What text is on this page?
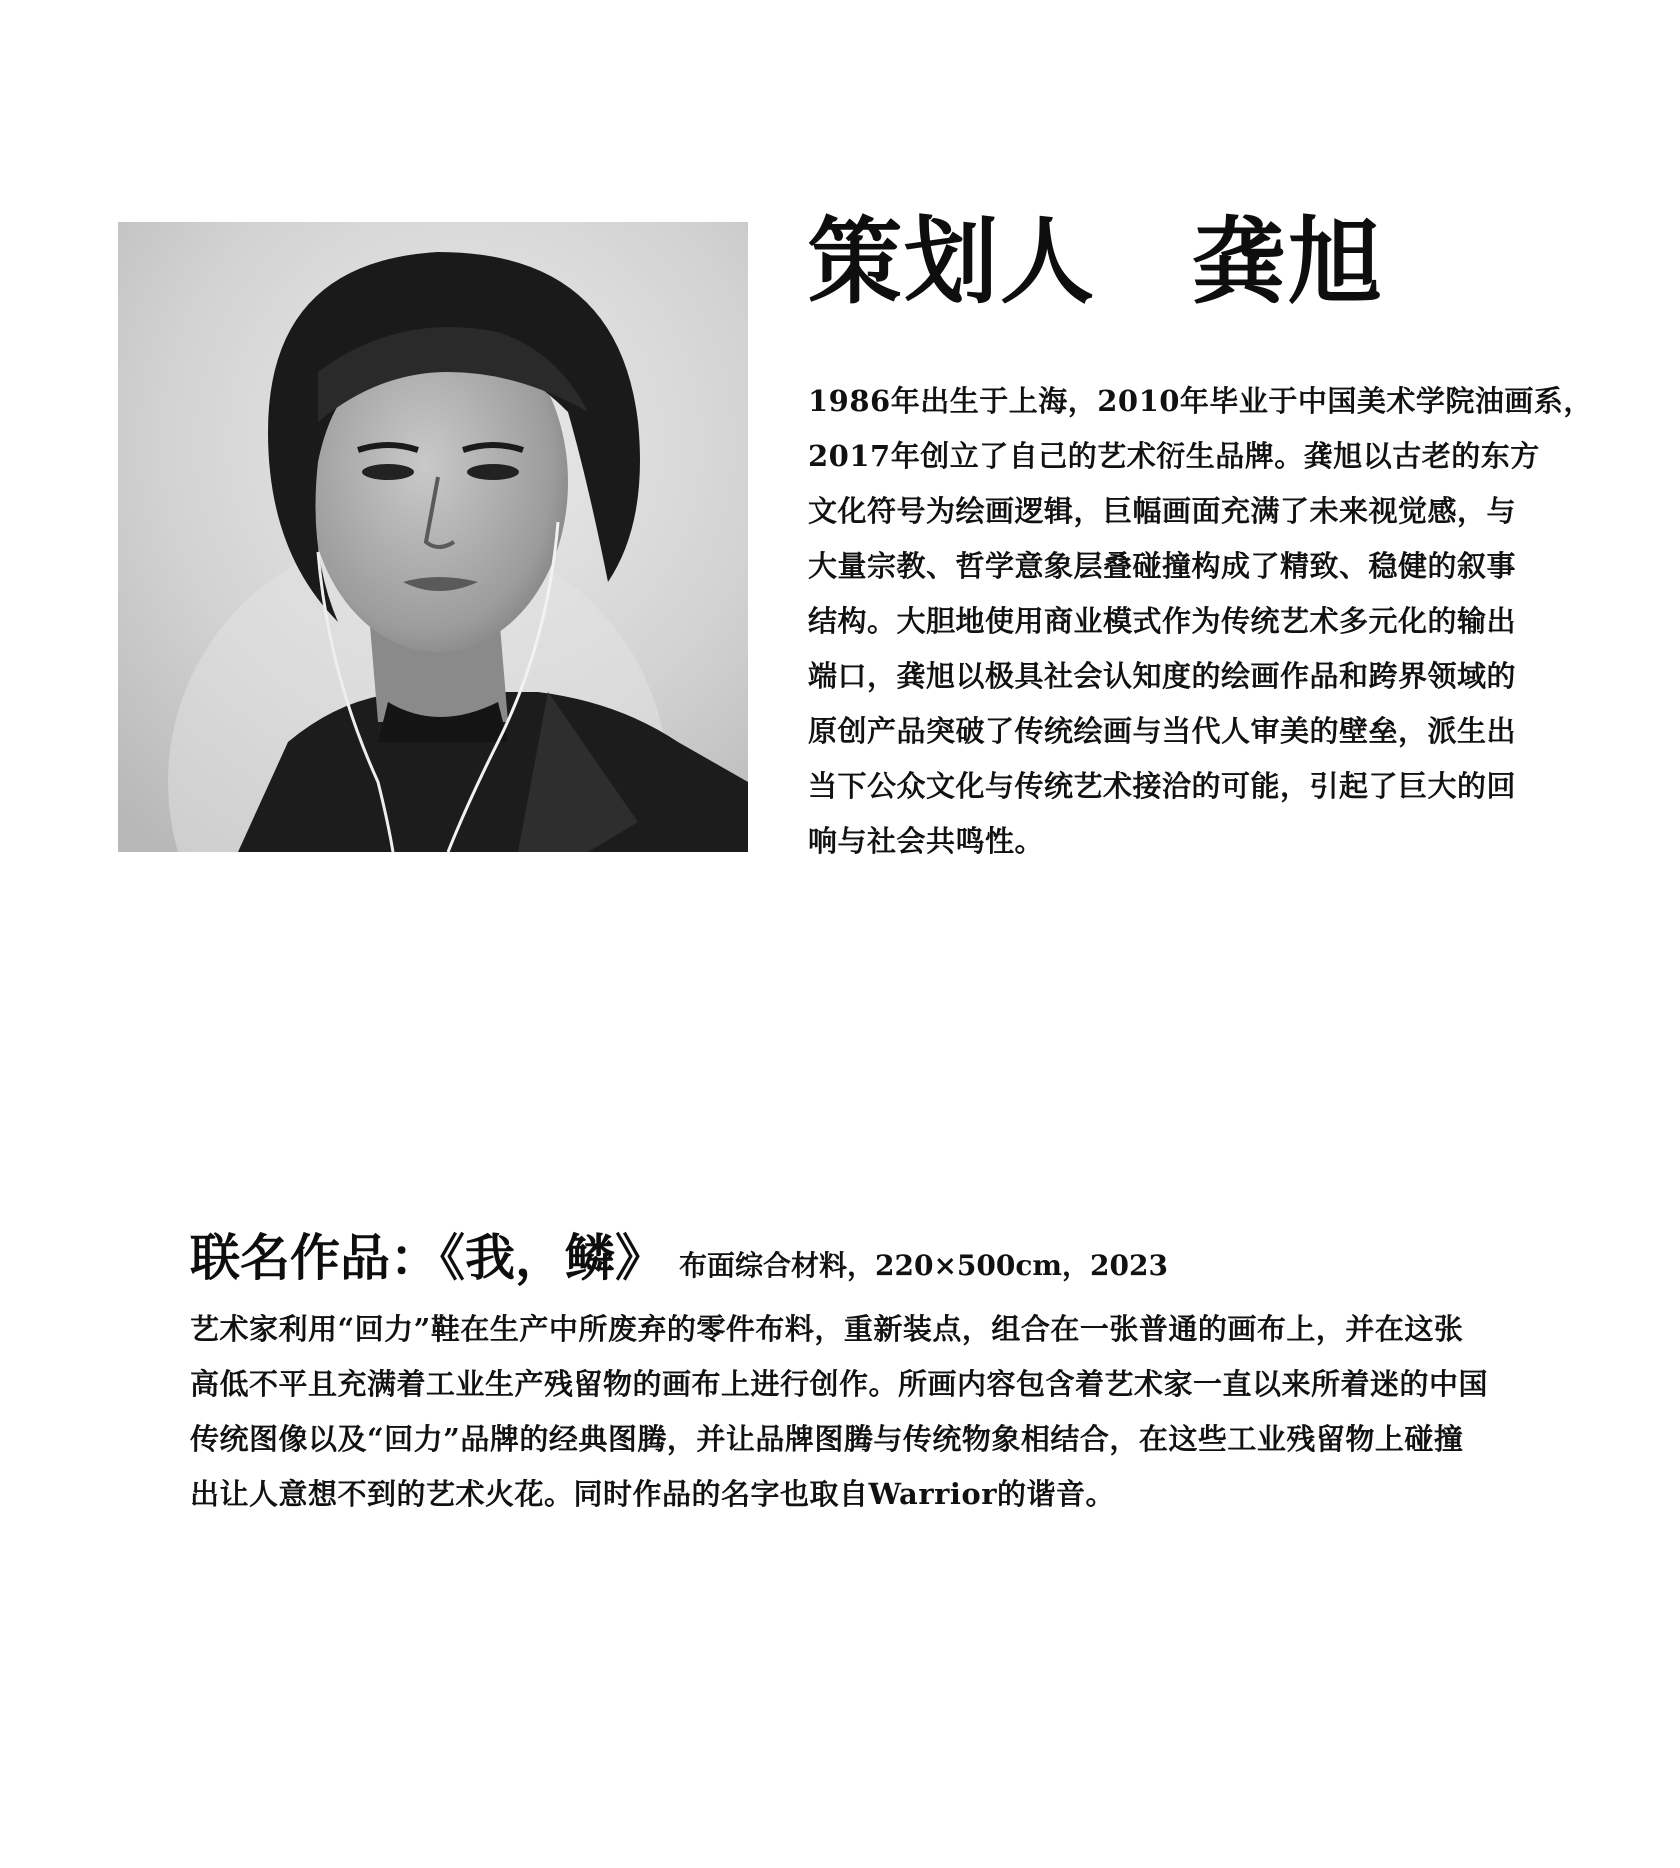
策划人　龚旭

1986年出生于上海，2010年毕业于中国美术学院油画系，
2017年创立了自己的艺术衍生品牌。龚旭以古老的东方
文化符号为绘画逻辑，巨幅画面充满了未来视觉感，与
大量宗教、哲学意象层叠碰撞构成了精致、稳健的叙事
结构。大胆地使用商业模式作为传统艺术多元化的输出
端口，龚旭以极具社会认知度的绘画作品和跨界领域的
原创产品突破了传统绘画与当代人审美的壁垒，派生出
当下公众文化与传统艺术接洽的可能，引起了巨大的回
响与社会共鸣性。

联名作品：《我，鳞》 布面综合材料，220×500cm，2023

艺术家利用“回力”鞋在生产中所废弃的零件布料，重新装点，组合在一张普通的画布上，并在这张
高低不平且充满着工业生产残留物的画布上进行创作。所画内容包含着艺术家一直以来所着迷的中国
传统图像以及“回力”品牌的经典图腾，并让品牌图腾与传统物象相结合，在这些工业残留物上碰撞
出让人意想不到的艺术火花。同时作品的名字也取自Warrior的谐音。
